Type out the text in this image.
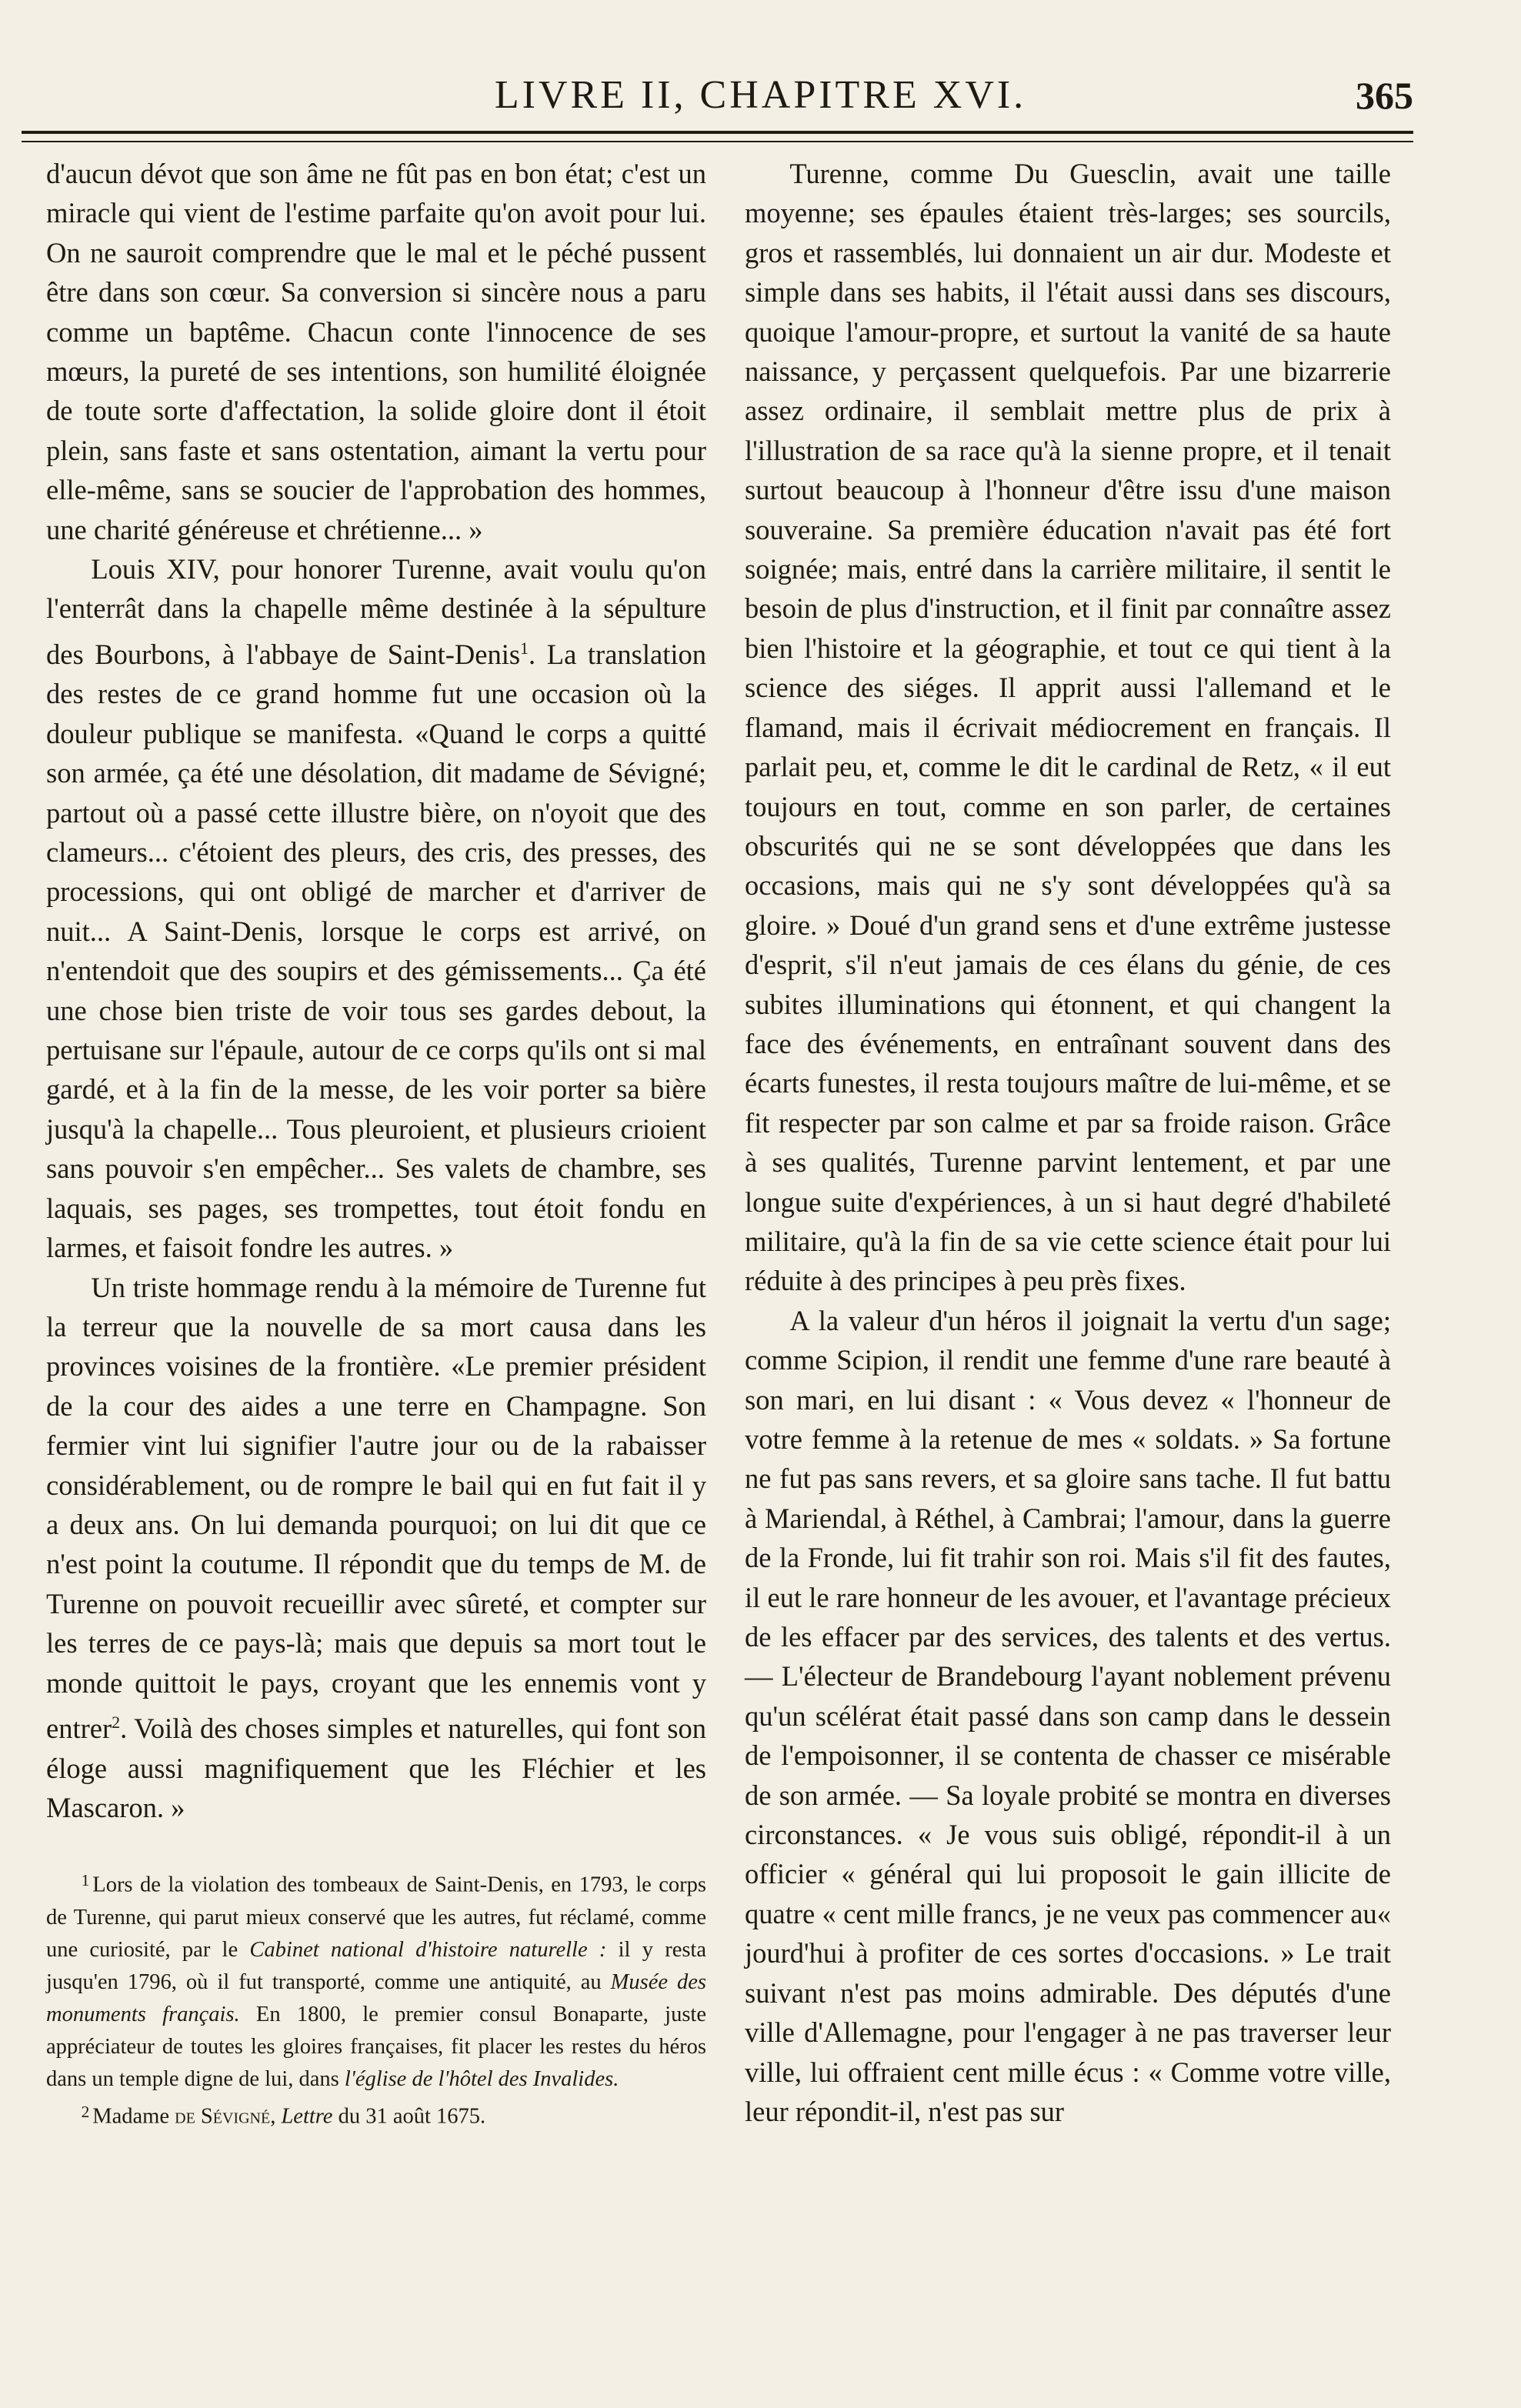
LIVRE II, CHAPITRE XVI.	365

d'aucun dévot que son âme ne fût pas en bon état; c'est un miracle qui vient de l'estime parfaite qu'on avoit pour lui. On ne sauroit comprendre que le mal et le péché pussent être dans son cœur. Sa conversion si sincère nous a paru comme un baptême. Chacun conte l'innocence de ses mœurs, la pureté de ses intentions, son humilité éloignée de toute sorte d'affectation, la solide gloire dont il étoit plein, sans faste et sans ostentation, aimant la vertu pour elle-même, sans se soucier de l'approbation des hommes, une charité généreuse et chrétienne... »

Louis XIV, pour honorer Turenne, avait voulu qu'on l'enterrât dans la chapelle même destinée à la sépulture des Bourbons, à l'abbaye de Saint-Denis$^1$. La translation des restes de ce grand homme fut une occasion où la douleur publique se manifesta. «Quand le corps a quitté son armée, ça été une désolation, dit madame de Sévigné; partout où a passé cette illustre bière, on n'oyoit que des clameurs... c'étoient des pleurs, des cris, des presses, des processions, qui ont obligé de marcher et d'arriver de nuit... A Saint-Denis, lorsque le corps est arrivé, on n'entendoit que des soupirs et des gémissements... Ça été une chose bien triste de voir tous ses gardes debout, la pertuisane sur l'épaule, autour de ce corps qu'ils ont si mal gardé, et à la fin de la messe, de les voir porter sa bière jusqu'à la chapelle... Tous pleuroient, et plusieurs crioient sans pouvoir s'en empêcher... Ses valets de chambre, ses laquais, ses pages, ses trompettes, tout étoit fondu en larmes, et faisoit fondre les autres. »

Un triste hommage rendu à la mémoire de Turenne fut la terreur que la nouvelle de sa mort causa dans les provinces voisines de la frontière. «Le premier président de la cour des aides a une terre en Champagne. Son fermier vint lui signifier l'autre jour ou de la rabaisser considérablement, ou de rompre le bail qui en fut fait il y a deux ans. On lui demanda pourquoi; on lui dit que ce n'est point la coutume. Il répondit que du temps de M. de Turenne on pouvoit recueillir avec sûreté, et compter sur les terres de ce pays-là; mais que depuis sa mort tout le monde quittoit le pays, croyant que les ennemis vont y entrer$^2$. Voilà des choses simples et naturelles, qui font son éloge aussi magnifiquement que les Fléchier et les Mascaron. »

$^1$ Lors de la violation des tombeaux de Saint-Denis, en 1793, le corps de Turenne, qui parut mieux conservé que les autres, fut réclamé, comme une curiosité, par le Cabinet national d'histoire naturelle : il y resta jusqu'en 1796, où il fut transporté, comme une antiquité, au Musée des monuments français. En 1800, le premier consul Bonaparte, juste appréciateur de toutes les gloires françaises, fit placer les restes du héros dans un temple digne de lui, dans l'église de l'hôtel des Invalides.

$^2$ Madame de Sévigné, Lettre du 31 août 1675.

Turenne, comme Du Guesclin, avait une taille moyenne; ses épaules étaient très-larges; ses sourcils, gros et rassemblés, lui donnaient un air dur. Modeste et simple dans ses habits, il l'était aussi dans ses discours, quoique l'amour-propre, et surtout la vanité de sa haute naissance, y perçassent quelquefois. Par une bizarrerie assez ordinaire, il semblait mettre plus de prix à l'illustration de sa race qu'à la sienne propre, et il tenait surtout beaucoup à l'honneur d'être issu d'une maison souveraine. Sa première éducation n'avait pas été fort soignée; mais, entré dans la carrière militaire, il sentit le besoin de plus d'instruction, et il finit par connaître assez bien l'histoire et la géographie, et tout ce qui tient à la science des siéges. Il apprit aussi l'allemand et le flamand, mais il écrivait médiocrement en français. Il parlait peu, et, comme le dit le cardinal de Retz, « il eut toujours en tout, comme en son parler, de certaines obscurités qui ne se sont développées que dans les occasions, mais qui ne s'y sont développées qu'à sa gloire. » Doué d'un grand sens et d'une extrême justesse d'esprit, s'il n'eut jamais de ces élans du génie, de ces subites illuminations qui étonnent, et qui changent la face des événements, en entraînant souvent dans des écarts funestes, il resta toujours maître de lui-même, et se fit respecter par son calme et par sa froide raison. Grâce à ses qualités, Turenne parvint lentement, et par une longue suite d'expériences, à un si haut degré d'habileté militaire, qu'à la fin de sa vie cette science était pour lui réduite à des principes à peu près fixes.

A la valeur d'un héros il joignait la vertu d'un sage; comme Scipion, il rendit une femme d'une rare beauté à son mari, en lui disant : « Vous devez « l'honneur de votre femme à la retenue de mes « soldats. » Sa fortune ne fut pas sans revers, et sa gloire sans tache. Il fut battu à Mariendal, à Réthel, à Cambrai; l'amour, dans la guerre de la Fronde, lui fit trahir son roi. Mais s'il fit des fautes, il eut le rare honneur de les avouer, et l'avantage précieux de les effacer par des services, des talents et des vertus. — L'électeur de Brandebourg l'ayant noblement prévenu qu'un scélérat était passé dans son camp dans le dessein de l'empoisonner, il se contenta de chasser ce misérable de son armée. — Sa loyale probité se montra en diverses circonstances. « Je vous suis obligé, répondit-il à un officier « général qui lui proposoit le gain illicite de quatre « cent mille francs, je ne veux pas commencer au« jourd'hui à profiter de ces sortes d'occasions. » Le trait suivant n'est pas moins admirable. Des députés d'une ville d'Allemagne, pour l'engager à ne pas traverser leur ville, lui offraient cent mille écus : « Comme votre ville, leur répondit-il, n'est pas sur
